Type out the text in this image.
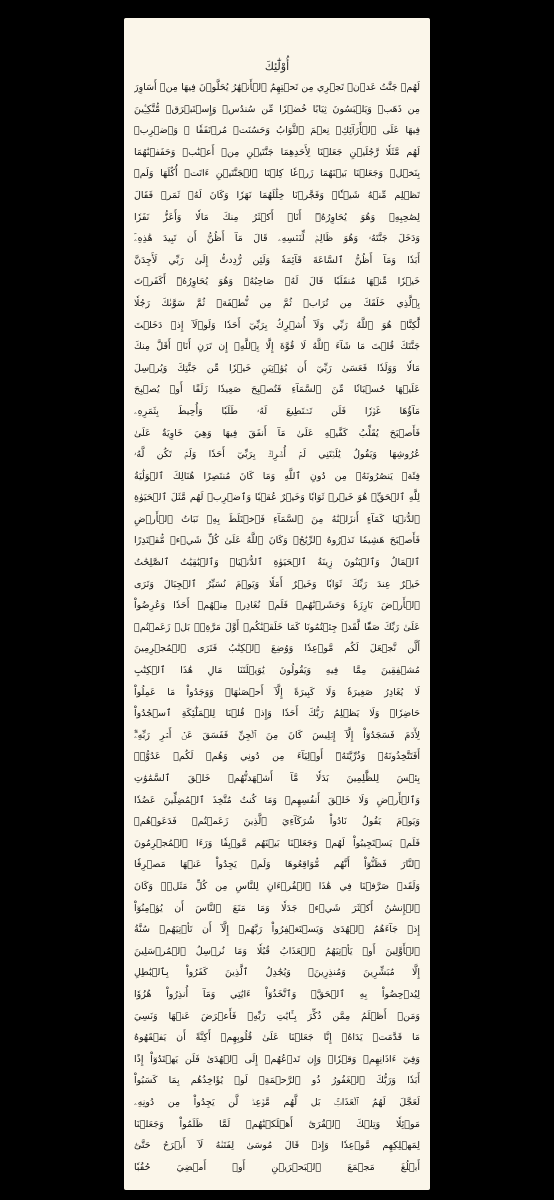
أُوْلَٰٓئِكَ
لَهُمۡ جَنَّٰتُ عَدۡنٖ تَجۡرِي مِن تَحۡتِهِمُ ٱلۡأَنۡهَٰرُ يُحَلَّوۡنَ فِيهَا مِنۡ أَسَاوِرَ
مِن ذَهَبٖ وَيَلۡبَسُونَ ثِيَابًا خُضۡرٗا مِّن سُندُسٖ وَإِسۡتَبۡرَقٖ مُّتَّكِـِٔينَ
فِيهَا عَلَى ٱلۡأَرَآئِكِۚ نِعۡمَ ٱلثَّوَابُ وَحَسُنَتۡ مُرۡتَفَقٗا ۞ وَٱضۡرِبۡ
لَهُم مَّثَلٗا رَّجُلَيۡنِ جَعَلۡنَا لِأَحَدِهِمَا جَنَّتَيۡنِ مِنۡ أَعۡنَٰبٖ وَحَفَفۡنَٰهُمَا
بِنَخۡلٖ وَجَعَلۡنَا بَيۡنَهُمَا زَرۡعٗا كِلۡتَا ٱلۡجَنَّتَيۡنِ ءَاتَتۡ أُكُلَهَا وَلَمۡ
تَظۡلِم مِّنۡهُ شَيۡـٔٗاۚ وَفَجَّرۡنَا خِلَٰلَهُمَا نَهَرٗا وَكَانَ لَهُۥ ثَمَرٞ فَقَالَ
لِصَٰحِبِهِۦ وَهُوَ يُحَاوِرُهُۥٓ أَنَا۠ أَكۡثَرُ مِنكَ مَالٗا وَأَعَزُّ نَفَرٗا
وَدَخَلَ جَنَّتَهُۥ وَهُوَ ظَالِمٞ لِّنَفۡسِهِۦ قَالَ مَآ أَظُنُّ أَن تَبِيدَ هَٰذِهِۦٓ
أَبَدٗا وَمَآ أَظُنُّ ٱلسَّاعَةَ قَآئِمَةٗ وَلَئِن رُّدِدتُّ إِلَىٰ رَبِّي لَأَجِدَنَّ
خَيۡرٗا مِّنۡهَا مُنقَلَبٗا قَالَ لَهُۥ صَاحِبُهُۥ وَهُوَ يُحَاوِرُهُۥٓ أَكَفَرۡتَ
بِٱلَّذِي خَلَقَكَ مِن تُرَابٖ ثُمَّ مِن نُّطۡفَةٖ ثُمَّ سَوَّىٰكَ رَجُلٗا
لَّٰكِنَّا۠ هُوَ ٱللَّهُ رَبِّي وَلَآ أُشۡرِكُ بِرَبِّيٓ أَحَدٗا وَلَوۡلَآ إِذۡ دَخَلۡتَ
جَنَّتَكَ قُلۡتَ مَا شَآءَ ٱللَّهُ لَا قُوَّةَ إِلَّا بِٱللَّهِۚ إِن تَرَنِ أَنَا۠ أَقَلَّ مِنكَ
مَالٗا وَوَلَدٗا فَعَسَىٰ رَبِّيٓ أَن يُؤۡتِيَنِ خَيۡرٗا مِّن جَنَّتِكَ وَيُرۡسِلَ
عَلَيۡهَا حُسۡبَانٗا مِّنَ ٱلسَّمَآءِ فَتُصۡبِحَ صَعِيدٗا زَلَقًا أَوۡ يُصۡبِحَ
مَآؤُهَا غَوۡرٗا فَلَن تَسۡتَطِيعَ لَهُۥ طَلَبٗا وَأُحِيطَ بِثَمَرِهِۦ
فَأَصۡبَحَ يُقَلِّبُ كَفَّيۡهِ عَلَىٰ مَآ أَنفَقَ فِيهَا وَهِيَ خَاوِيَةٌ عَلَىٰ
عُرُوشِهَا وَيَقُولُ يَٰلَيۡتَنِي لَمۡ أُشۡرِكۡ بِرَبِّيٓ أَحَدٗا وَلَمۡ تَكُن لَّهُۥ
فِئَةٞ يَنصُرُونَهُۥ مِن دُونِ ٱللَّهِ وَمَا كَانَ مُنتَصِرًا هُنَالِكَ ٱلۡوَلَٰيَةُ
لِلَّهِ ٱلۡحَقِّۚ هُوَ خَيۡرٞ ثَوَابٗا وَخَيۡرٌ عُقۡبٗا وَٱضۡرِبۡ لَهُم مَّثَلَ ٱلۡحَيَوٰةِ
ٱلدُّنۡيَا كَمَآءٍ أَنزَلۡنَٰهُ مِنَ ٱلسَّمَآءِ فَٱخۡتَلَطَ بِهِۦ نَبَاتُ ٱلۡأَرۡضِ
فَأَصۡبَحَ هَشِيمٗا تَذۡرُوهُ ٱلرِّيَٰحُۗ وَكَانَ ٱللَّهُ عَلَىٰ كُلِّ شَيۡءٖ مُّقۡتَدِرًا
ٱلۡمَالُ وَٱلۡبَنُونَ زِينَةُ ٱلۡحَيَوٰةِ ٱلدُّنۡيَاۖ وَٱلۡبَٰقِيَٰتُ ٱلصَّٰلِحَٰتُ
خَيۡرٌ عِندَ رَبِّكَ ثَوَابٗا وَخَيۡرٌ أَمَلٗا وَيَوۡمَ نُسَيِّرُ ٱلۡجِبَالَ وَتَرَى
ٱلۡأَرۡضَ بَارِزَةٗ وَحَشَرۡنَٰهُمۡ فَلَمۡ نُغَادِرۡ مِنۡهُمۡ أَحَدٗا وَعُرِضُواْ
عَلَىٰ رَبِّكَ صَفّٗا لَّقَدۡ جِئۡتُمُونَا كَمَا خَلَقۡنَٰكُمۡ أَوَّلَ مَرَّةِۭۚ بَلۡ زَعَمۡتُمۡ
أَلَّن نَّجۡعَلَ لَكُم مَّوۡعِدٗا وَوُضِعَ ٱلۡكِتَٰبُ فَتَرَى ٱلۡمُجۡرِمِينَ
مُشۡفِقِينَ مِمَّا فِيهِ وَيَقُولُونَ يَٰوَيۡلَتَنَا مَالِ هَٰذَا ٱلۡكِتَٰبِ
لَا يُغَادِرُ صَغِيرَةٗ وَلَا كَبِيرَةً إِلَّآ أَحۡصَىٰهَاۚ وَوَجَدُواْ مَا عَمِلُواْ
حَاضِرٗاۗ وَلَا يَظۡلِمُ رَبُّكَ أَحَدٗا وَإِذۡ قُلۡنَا لِلۡمَلَٰٓئِكَةِ ٱسۡجُدُواْ
لِأٓدَمَ فَسَجَدُوٓاْ إِلَّآ إِبۡلِيسَ كَانَ مِنَ ٱلۡجِنِّ فَفَسَقَ عَنۡ أَمۡرِ رَبِّهِۦٓۗ
أَفَتَتَّخِذُونَهُۥ وَذُرِّيَّتَهُۥٓ أَوۡلِيَآءَ مِن دُونِي وَهُمۡ لَكُمۡ عَدُوُّۢۚ
بِئۡسَ لِلظَّٰلِمِينَ بَدَلٗا مَّآ أَشۡهَدتُّهُمۡ خَلۡقَ ٱلسَّمَٰوَٰتِ
وَٱلۡأَرۡضِ وَلَا خَلۡقَ أَنفُسِهِمۡ وَمَا كُنتُ مُتَّخِذَ ٱلۡمُضِلِّينَ عَضُدٗا
وَيَوۡمَ يَقُولُ نَادُواْ شُرَكَآءِيَ ٱلَّذِينَ زَعَمۡتُمۡ فَدَعَوۡهُمۡ
فَلَمۡ يَسۡتَجِيبُواْ لَهُمۡ وَجَعَلۡنَا بَيۡنَهُم مَّوۡبِقٗا وَرَءَا ٱلۡمُجۡرِمُونَ
ٱلنَّارَ فَظَنُّوٓاْ أَنَّهُم مُّوَاقِعُوهَا وَلَمۡ يَجِدُواْ عَنۡهَا مَصۡرِفٗا
وَلَقَدۡ صَرَّفۡنَا فِي هَٰذَا ٱلۡقُرۡءَانِ لِلنَّاسِ مِن كُلِّ مَثَلٖۚ وَكَانَ
ٱلۡإِنسَٰنُ أَكۡثَرَ شَيۡءٖ جَدَلٗا وَمَا مَنَعَ ٱلنَّاسَ أَن يُؤۡمِنُوٓاْ
إِذۡ جَآءَهُمُ ٱلۡهُدَىٰ وَيَسۡتَغۡفِرُواْ رَبَّهُمۡ إِلَّآ أَن تَأۡتِيَهُمۡ سُنَّةُ
ٱلۡأَوَّلِينَ أَوۡ يَأۡتِيَهُمُ ٱلۡعَذَابُ قُبُلٗا وَمَا نُرۡسِلُ ٱلۡمُرۡسَلِينَ
إِلَّا مُبَشِّرِينَ وَمُنذِرِينَۚ وَيُجَٰدِلُ ٱلَّذِينَ كَفَرُواْ بِٱلۡبَٰطِلِ
لِيُدۡحِضُواْ بِهِ ٱلۡحَقَّۖ وَٱتَّخَذُوٓاْ ءَايَٰتِي وَمَآ أُنذِرُواْ هُزُوٗا
وَمَنۡ أَظۡلَمُ مِمَّن ذُكِّرَ بِـَٔايَٰتِ رَبِّهِۦ فَأَعۡرَضَ عَنۡهَا وَنَسِيَ
مَا قَدَّمَتۡ يَدَاهُۚ إِنَّا جَعَلۡنَا عَلَىٰ قُلُوبِهِمۡ أَكِنَّةً أَن يَفۡقَهُوهُ
وَفِيٓ ءَاذَانِهِمۡ وَقۡرٗاۖ وَإِن تَدۡعُهُمۡ إِلَى ٱلۡهُدَىٰ فَلَن يَهۡتَدُوٓاْ إِذًا
أَبَدٗا وَرَبُّكَ ٱلۡغَفُورُ ذُو ٱلرَّحۡمَةِۖ لَوۡ يُؤَاخِذُهُم بِمَا كَسَبُواْ
لَعَجَّلَ لَهُمُ ٱلۡعَذَابَۚ بَل لَّهُم مَّوۡعِدٞ لَّن يَجِدُواْ مِن دُونِهِۦ
مَوۡئِلٗا وَتِلۡكَ ٱلۡقُرَىٰٓ أَهۡلَكۡنَٰهُمۡ لَمَّا ظَلَمُواْ وَجَعَلۡنَا
لِمَهۡلِكِهِم مَّوۡعِدٗا وَإِذۡ قَالَ مُوسَىٰ لِفَتَىٰهُ لَآ أَبۡرَحُ حَتَّىٰٓ
أَبۡلُغَ مَجۡمَعَ ٱلۡبَحۡرَيۡنِ أَوۡ أَمۡضِيَ حُقُبٗا
